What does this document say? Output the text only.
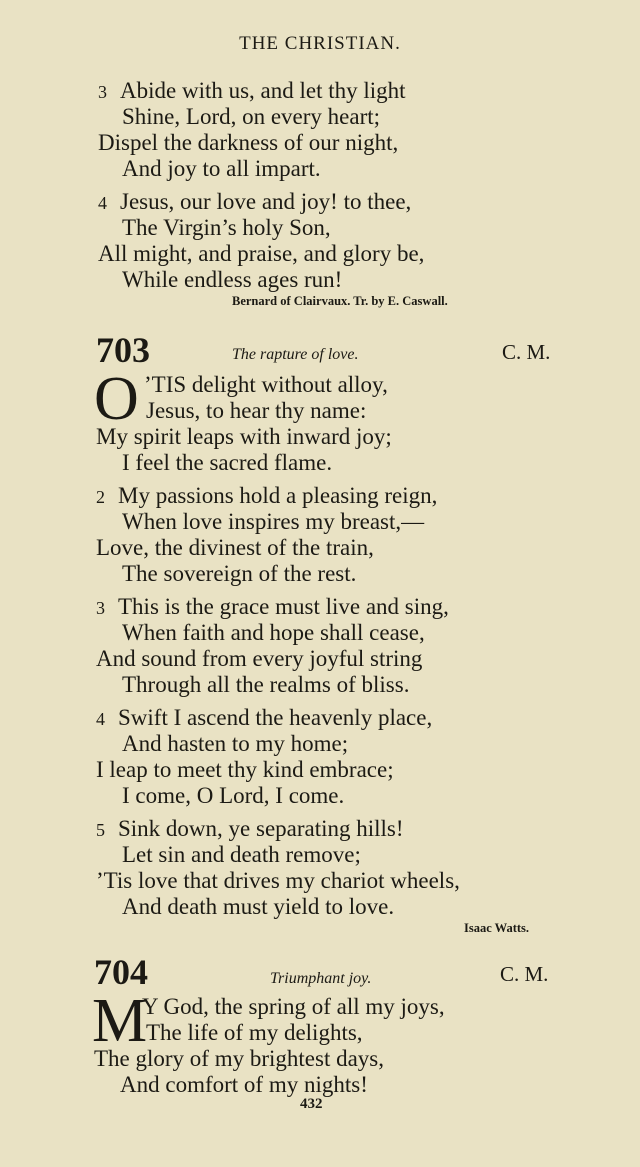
THE CHRISTIAN.
3 Abide with us, and let thy light
Shine, Lord, on every heart;
Dispel the darkness of our night,
And joy to all impart.
4 Jesus, our love and joy! to thee,
The Virgin’s holy Son,
All might, and praise, and glory be,
While endless ages run!
Bernard of Clairvaux. Tr. by E. Caswall.
703	The rapture of love.	C. M.
O ’TIS delight without alloy,
Jesus, to hear thy name:
My spirit leaps with inward joy;
I feel the sacred flame.
2 My passions hold a pleasing reign,
When love inspires my breast,—
Love, the divinest of the train,
The sovereign of the rest.
3 This is the grace must live and sing,
When faith and hope shall cease,
And sound from every joyful string
Through all the realms of bliss.
4 Swift I ascend the heavenly place,
And hasten to my home;
I leap to meet thy kind embrace;
I come, O Lord, I come.
5 Sink down, ye separating hills!
Let sin and death remove;
’Tis love that drives my chariot wheels,
And death must yield to love.
Isaac Watts.
704	Triumphant joy.	C. M.
M
Y God, the spring of all my joys,
The life of my delights,
The glory of my brightest days,
And comfort of my nights!
432
